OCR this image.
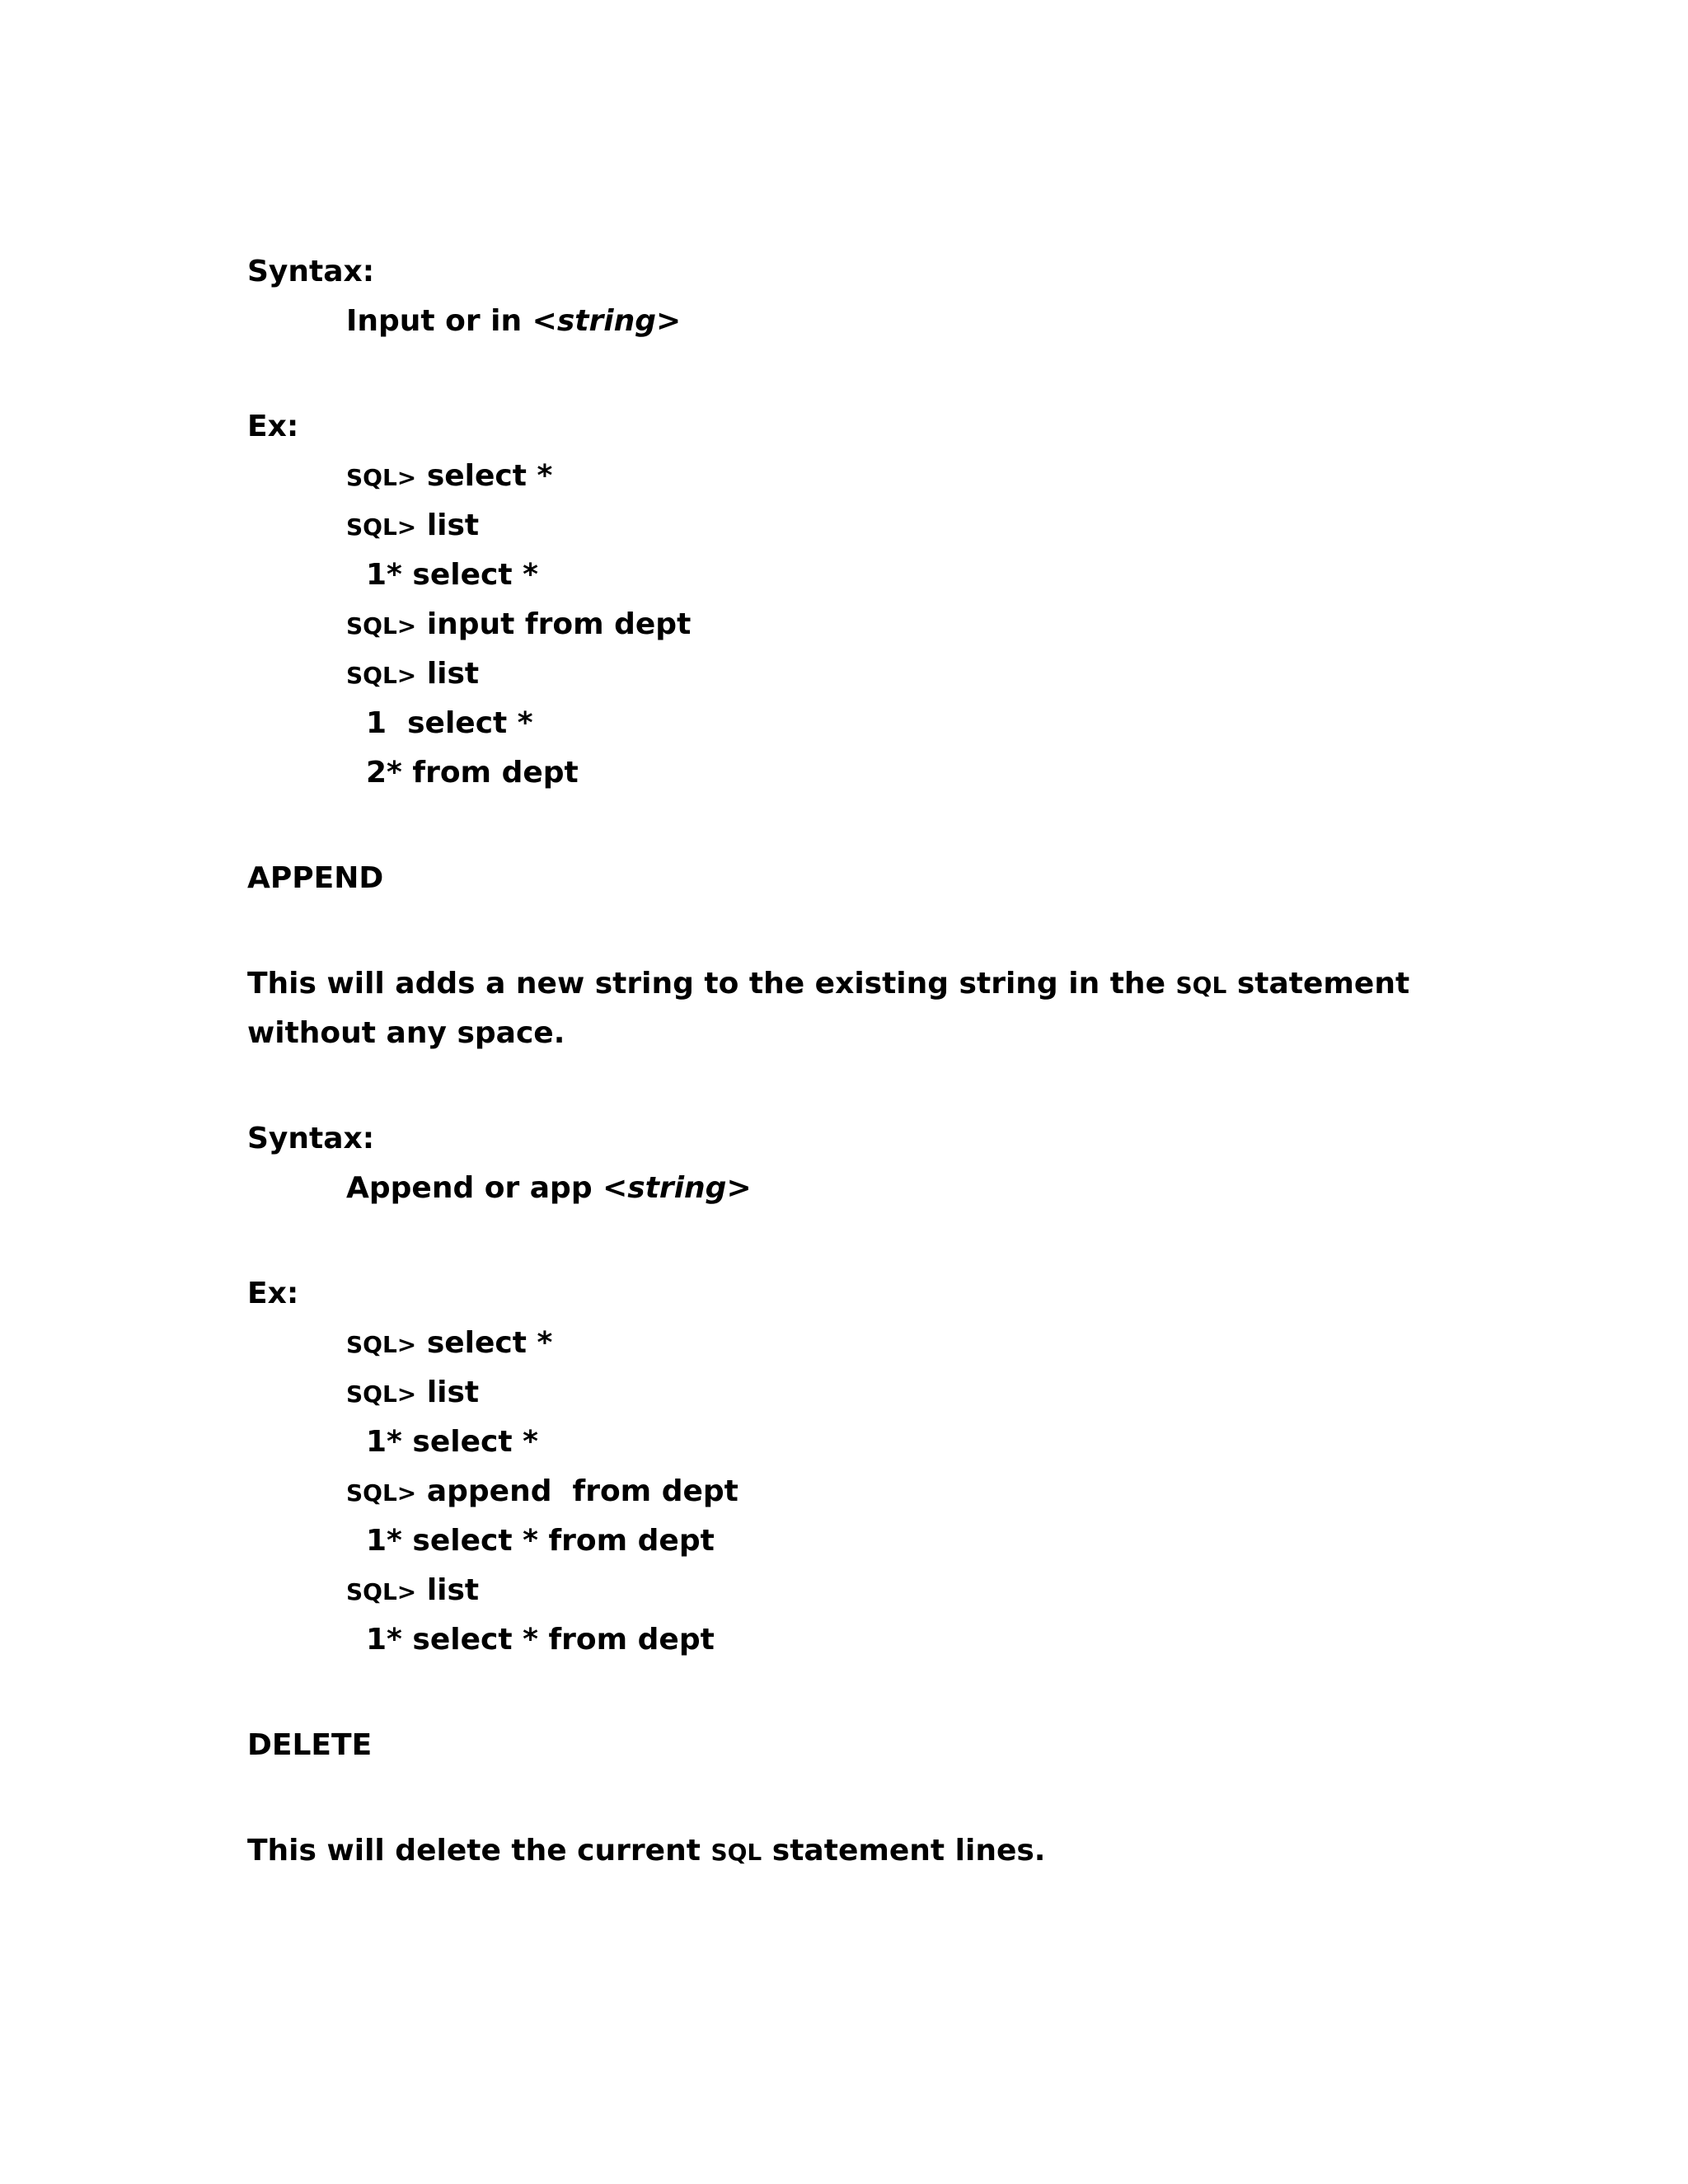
Syntax:
Input or in <string>
Ex:
SQL> select *
SQL> list
1* select *
SQL> input from dept
SQL> list
1  select *
2* from dept
APPEND
This will adds a new string to the existing string in the SQL statement
without any space.
Syntax:
Append or app <string>
Ex:
SQL> select *
SQL> list
1* select *
SQL> append  from dept
1* select * from dept
SQL> list
1* select * from dept
DELETE
This will delete the current SQL statement lines.
